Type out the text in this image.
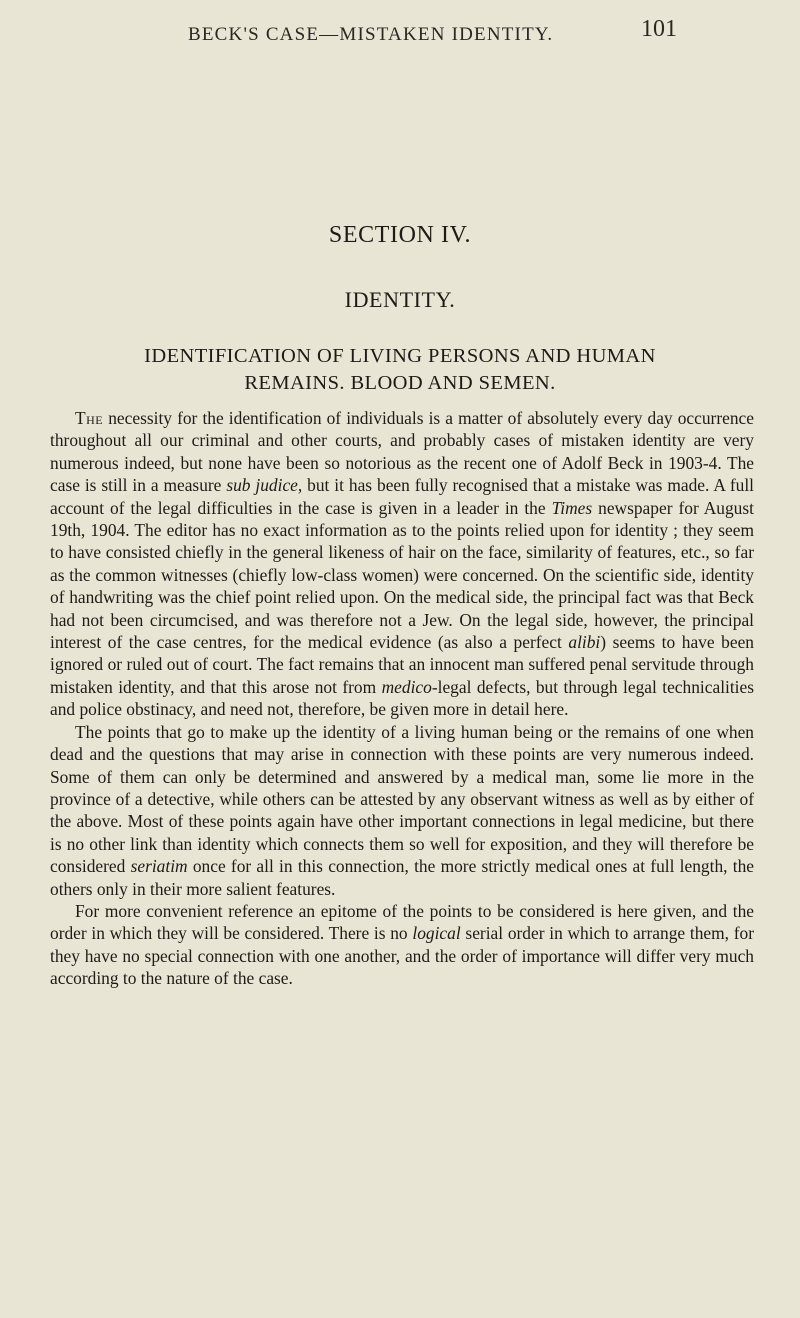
BECK'S CASE—MISTAKEN IDENTITY.	101
SECTION IV.
IDENTITY.
IDENTIFICATION OF LIVING PERSONS AND HUMAN
REMAINS. BLOOD AND SEMEN.

The necessity for the identification of individuals is a matter of absolutely every day occurrence throughout all our criminal and other courts, and probably cases of mistaken identity are very numerous indeed, but none have been so notorious as the recent one of Adolf Beck in 1903-4. The case is still in a measure sub judice, but it has been fully recognised that a mistake was made. A full account of the legal difficulties in the case is given in a leader in the Times newspaper for August 19th, 1904. The editor has no exact information as to the points relied upon for identity ; they seem to have consisted chiefly in the general likeness of hair on the face, similarity of features, etc., so far as the common witnesses (chiefly low-class women) were concerned. On the scientific side, identity of handwriting was the chief point relied upon. On the medical side, the principal fact was that Beck had not been circumcised, and was therefore not a Jew. On the legal side, however, the principal interest of the case centres, for the medical evidence (as also a perfect alibi) seems to have been ignored or ruled out of court. The fact remains that an innocent man suffered penal servitude through mistaken identity, and that this arose not from medico-legal defects, but through legal technicalities and police obstinacy, and need not, therefore, be given more in detail here.

The points that go to make up the identity of a living human being or the remains of one when dead and the questions that may arise in connection with these points are very numerous indeed. Some of them can only be determined and answered by a medical man, some lie more in the province of a detective, while others can be attested by any observant witness as well as by either of the above. Most of these points again have other important connections in legal medicine, but there is no other link than identity which connects them so well for exposition, and they will therefore be considered seriatim once for all in this connection, the more strictly medical ones at full length, the others only in their more salient features.

For more convenient reference an epitome of the points to be considered is here given, and the order in which they will be considered. There is no logical serial order in which to arrange them, for they have no special connection with one another, and the order of importance will differ very much according to the nature of the case.
